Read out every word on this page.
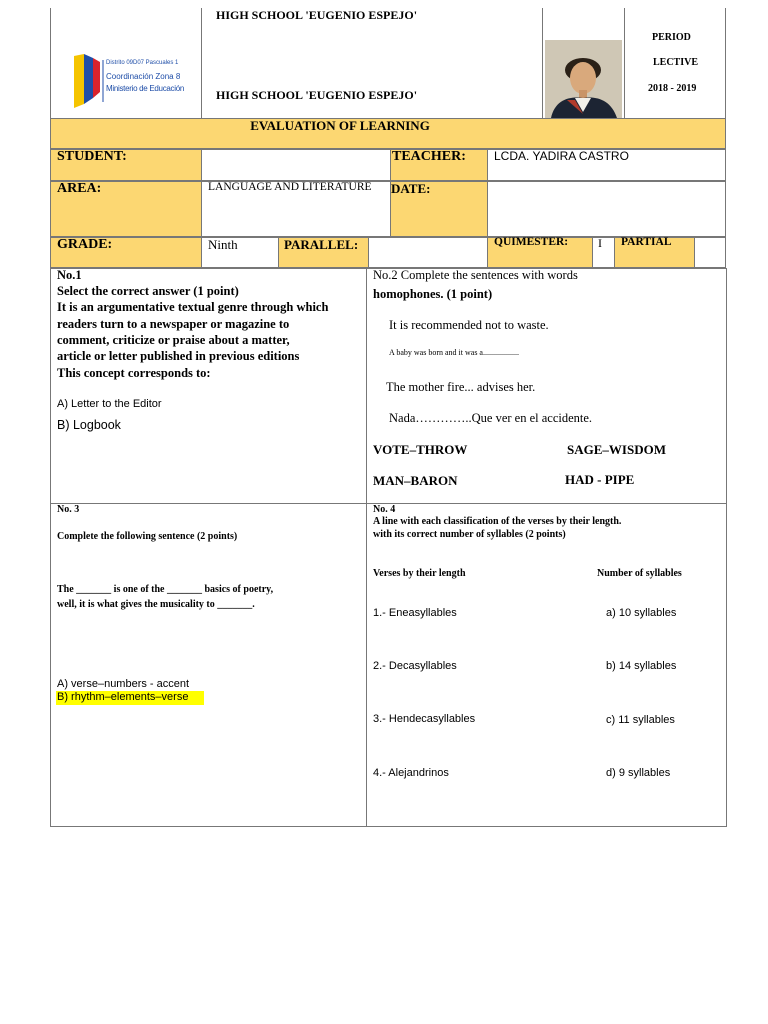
Distrito 09D07 Pascuales 1
Coordinación Zona 8
Ministerio de Educación
HIGH SCHOOL 'EUGENIO ESPEJO'
HIGH SCHOOL 'EUGENIO ESPEJO'
PERIOD
LECTIVE
2018 - 2019
EVALUATION OF LEARNING
STUDENT:	TEACHER: LCDA. YADIRA CASTRO
AREA:	LANGUAGE AND LITERATURE DATE:
GRADE:	Ninth	PARALLEL:	QUIMESTER: I PARTIAL
No.1
Select the correct answer (1 point)
It is an argumentative textual genre through which
readers turn to a newspaper or magazine to
comment, criticize or praise about a matter,
article or letter published in previous editions
This concept corresponds to:
A) Letter to the Editor
B) Logbook
No.2 Complete the sentences with words
homophones. (1 point)
It is recommended not to waste.
A baby was born and it was a..................
The mother fire... advises her.
Nada…………..Que ver en el accidente.
VOTE–THROW	SAGE–WISDOM
MAN–BARON	HAD - PIPE
No. 3
Complete the following sentence (2 points)
The _______ is one of the _______ basics of poetry,
well, it is what gives the musicality to _______.
A) verse–numbers - accent
B) rhythm–elements–verse
No. 4
A line with each classification of the verses by their length.
with its correct number of syllables (2 points)
Verses by their length	Number of syllables
1.- Eneasyllables	a) 10 syllables
2.- Decasyllables	b) 14 syllables
3.- Hendecasyllables	c) 11 syllables
4.- Alejandrinos	d) 9 syllables
